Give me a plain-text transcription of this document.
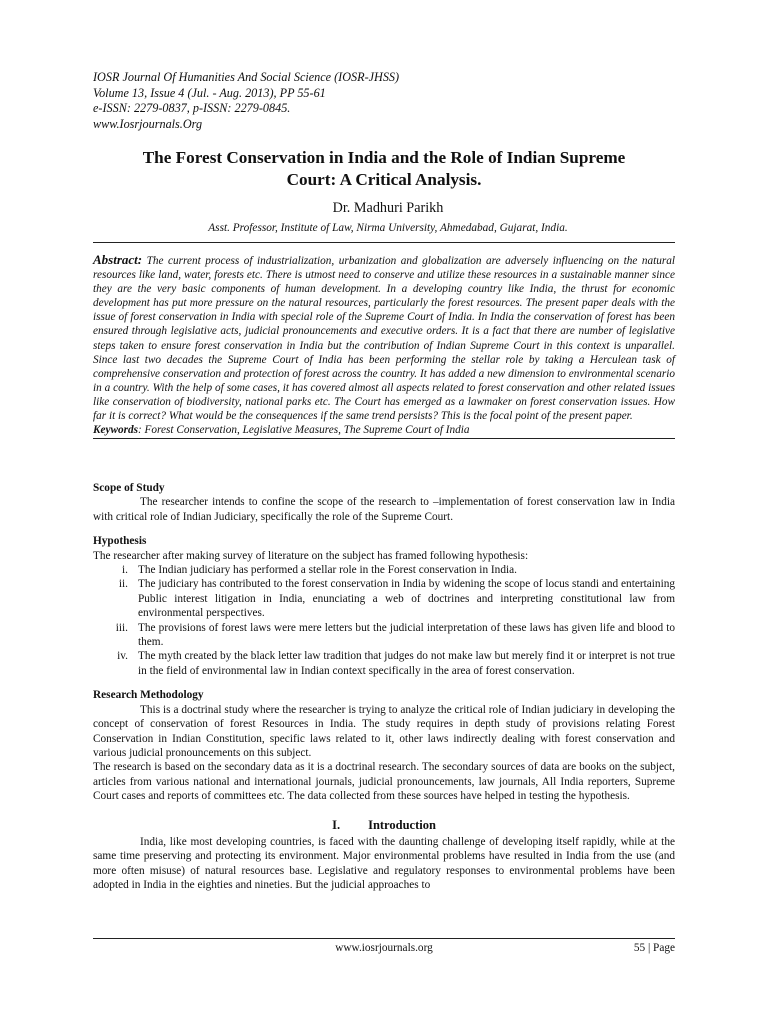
IOSR Journal Of Humanities And Social Science (IOSR-JHSS)
Volume 13, Issue 4 (Jul. - Aug. 2013), PP 55-61
e-ISSN: 2279-0837, p-ISSN: 2279-0845.
www.Iosrjournals.Org
The Forest Conservation in India and the Role of Indian Supreme
Court: A Critical Analysis.
Dr. Madhuri Parikh
Asst. Professor, Institute of Law, Nirma University, Ahmedabad, Gujarat, India.
Abstract: The current process of industrialization, urbanization and globalization are adversely influencing on the natural resources like land, water, forests etc. There is utmost need to conserve and utilize these resources in a sustainable manner since they are the very basic components of human development. In a developing country like India, the thrust for economic development has put more pressure on the natural resources, particularly the forest resources. The present paper deals with the issue of forest conservation in India with special role of the Supreme Court of India. In India the conservation of forest has been ensured through legislative acts, judicial pronouncements and executive orders. It is a fact that there are number of legislative steps taken to ensure forest conservation in India but the contribution of Indian Supreme Court in this context is unparallel. Since last two decades the Supreme Court of India has been performing the stellar role by taking a Herculean task of comprehensive conservation and protection of forest across the country. It has added a new dimension to environmental scenario in a country. With the help of some cases, it has covered almost all aspects related to forest conservation and other related issues like conservation of biodiversity, national parks etc. The Court has emerged as a lawmaker on forest conservation issues. How far it is correct? What would be the consequences if the same trend persists? This is the focal point of the present paper.
Keywords: Forest Conservation, Legislative Measures, The Supreme Court of India
Scope of Study

The researcher intends to confine the scope of the research to –implementation of forest conservation law in India with critical role of Indian Judiciary, specifically the role of the Supreme Court.

Hypothesis

The researcher after making survey of literature on the subject has framed following hypothesis:

i. The Indian judiciary has performed a stellar role in the Forest conservation in India.
ii. The judiciary has contributed to the forest conservation in India by widening the scope of locus standi and entertaining Public interest litigation in India, enunciating a web of doctrines and interpreting constitutional law from environmental perspectives.
iii. The provisions of forest laws were mere letters but the judicial interpretation of these laws has given life and blood to them.
iv. The myth created by the black letter law tradition that judges do not make law but merely find it or interpret is not true in the field of environmental law in Indian context specifically in the area of forest conservation.
Research Methodology

This is a doctrinal study where the researcher is trying to analyze the critical role of Indian judiciary in developing the concept of conservation of forest Resources in India. The study requires in depth study of provisions relating Forest Conservation in Indian Constitution, specific laws related to it, other laws indirectly dealing with forest conservation and various judicial pronouncements on this subject.

The research is based on the secondary data as it is a doctrinal research. The secondary sources of data are books on the subject, articles from various national and international journals, judicial pronouncements, law journals, All India reporters, Supreme Court cases and reports of committees etc. The data collected from these sources have helped in testing the hypothesis.

I. Introduction

India, like most developing countries, is faced with the daunting challenge of developing itself rapidly, while at the same time preserving and protecting its environment. Major environmental problems have resulted in India from the use (and more often misuse) of natural resources base. Legislative and regulatory responses to environmental problems have been adopted in India in the eighties and nineties. But the judicial approaches to

www.iosrjournals.org	55 | Page
